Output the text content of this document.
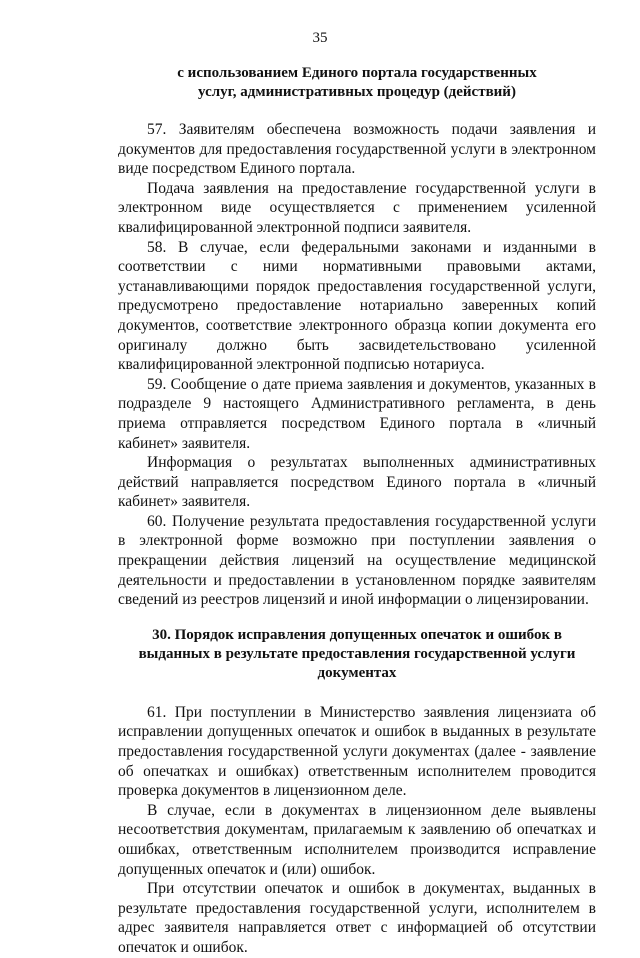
35

с использованием Единого портала государственных
услуг, административных процедур (действий)

57. Заявителям обеспечена возможность подачи заявления и документов для предоставления государственной услуги в электронном виде посредством Единого портала.

Подача заявления на предоставление государственной услуги в электронном виде осуществляется с применением усиленной квалифицированной электронной подписи заявителя.

58. В случае, если федеральными законами и изданными в соответствии с ними нормативными правовыми актами, устанавливающими порядок предоставления государственной услуги, предусмотрено предоставление нотариально заверенных копий документов, соответствие электронного образца копии документа его оригиналу должно быть засвидетельствовано усиленной квалифицированной электронной подписью нотариуса.

59. Сообщение о дате приема заявления и документов, указанных в подразделе 9 настоящего Административного регламента, в день приема отправляется посредством Единого портала в «личный кабинет» заявителя.

Информация о результатах выполненных административных действий направляется посредством Единого портала в «личный кабинет» заявителя.

60. Получение результата предоставления государственной услуги в электронной форме возможно при поступлении заявления о прекращении действия лицензий на осуществление медицинской деятельности и предоставлении в установленном порядке заявителям сведений из реестров лицензий и иной информации о лицензировании.

30. Порядок исправления допущенных опечаток и ошибок в
выданных в результате предоставления государственной услуги
документах

61. При поступлении в Министерство заявления лицензиата об исправлении допущенных опечаток и ошибок в выданных в результате предоставления государственной услуги документах (далее - заявление об опечатках и ошибках) ответственным исполнителем проводится проверка документов в лицензионном деле.

В случае, если в документах в лицензионном деле выявлены несоответствия документам, прилагаемым к заявлению об опечатках и ошибках, ответственным исполнителем производится исправление допущенных опечаток и (или) ошибок.

При отсутствии опечаток и ошибок в документах, выданных в результате предоставления государственной услуги, исполнителем в адрес заявителя направляется ответ с информацией об отсутствии опечаток и ошибок.
